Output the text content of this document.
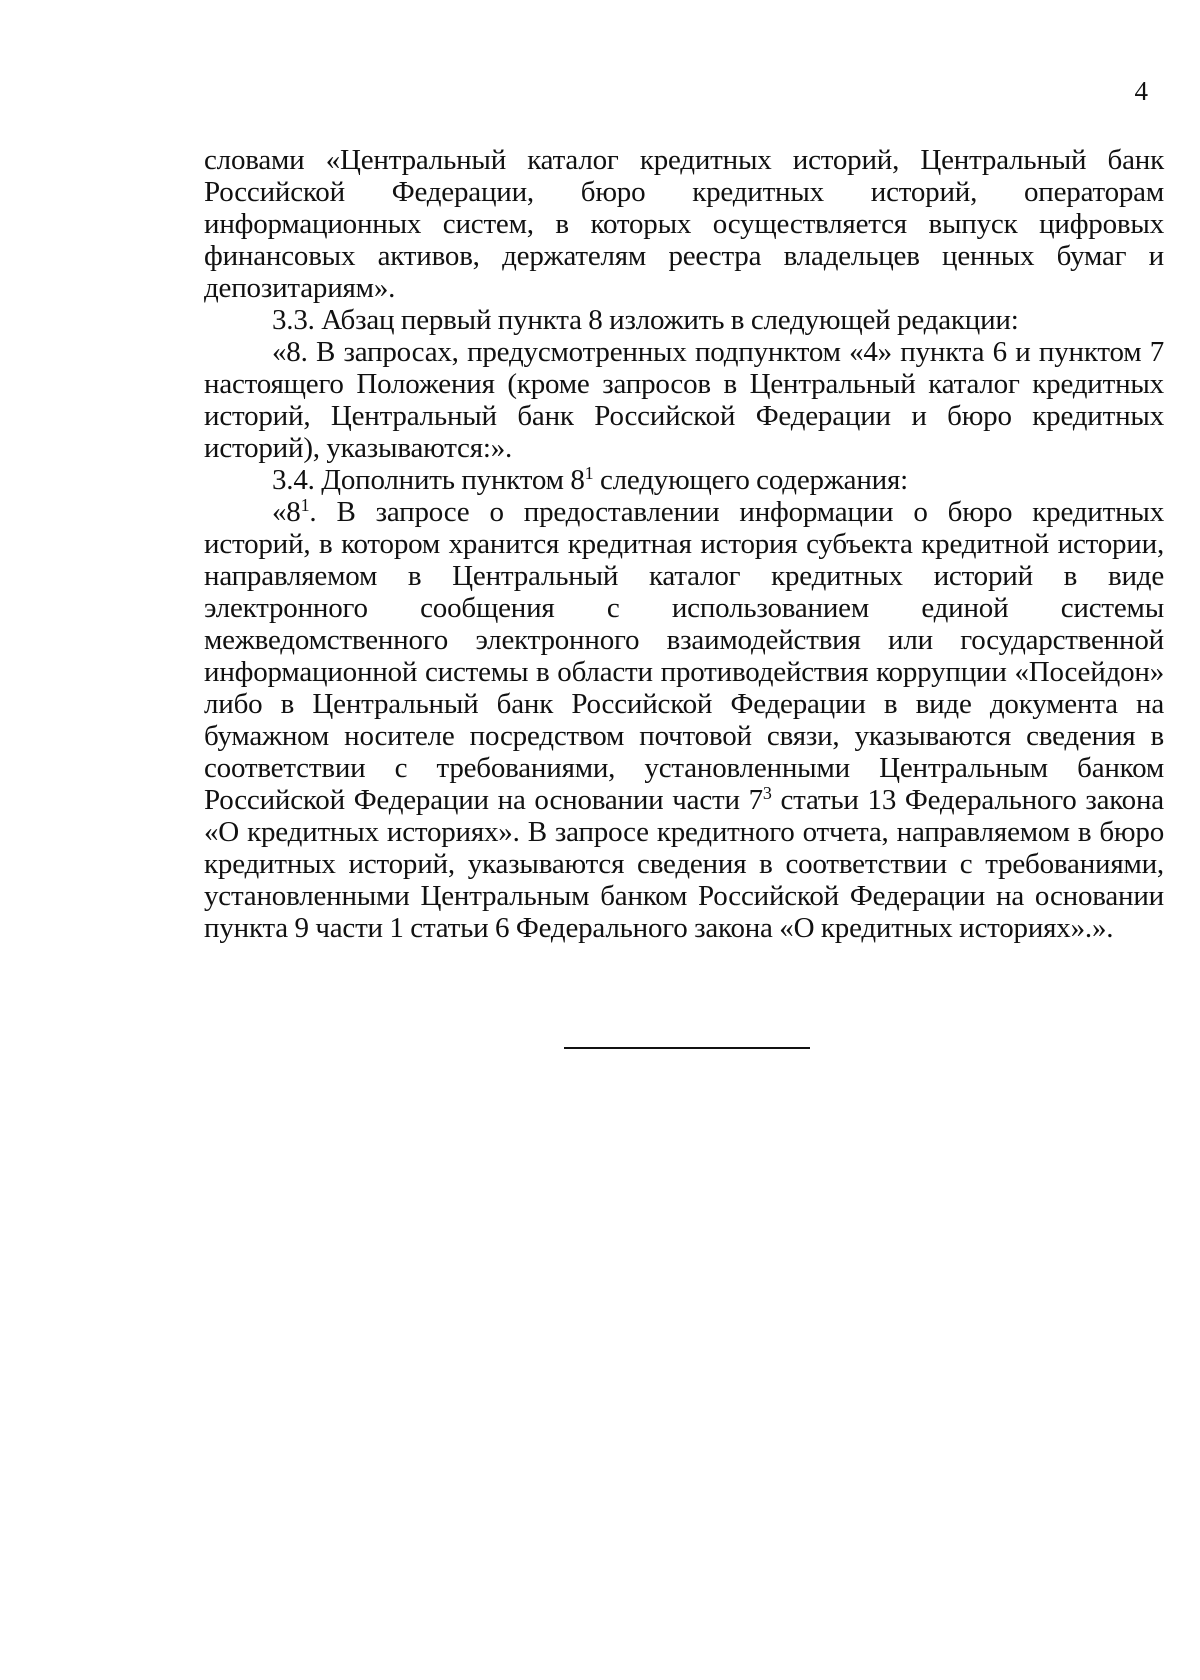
4

словами «Центральный каталог кредитных историй, Центральный банк Российской Федерации, бюро кредитных историй, операторам информационных систем, в которых осуществляется выпуск цифровых финансовых активов, держателям реестра владельцев ценных бумаг и депозитариям».

3.3. Абзац первый пункта 8 изложить в следующей редакции:

«8. В запросах, предусмотренных подпунктом «4» пункта 6 и пунктом 7 настоящего Положения (кроме запросов в Центральный каталог кредитных историй, Центральный банк Российской Федерации и бюро кредитных историй), указываются:».

3.4. Дополнить пунктом $8^1$ следующего содержания:

«$8^1$. В запросе о предоставлении информации о бюро кредитных историй, в котором хранится кредитная история субъекта кредитной истории, направляемом в Центральный каталог кредитных историй в виде электронного сообщения с использованием единой системы межведомственного электронного взаимодействия или государственной информационной системы в области противодействия коррупции «Посейдон» либо в Центральный банк Российской Федерации в виде документа на бумажном носителе посредством почтовой связи, указываются сведения в соответствии с требованиями, установленными Центральным банком Российской Федерации на основании части $7^3$ статьи 13 Федерального закона «О кредитных историях». В запросе кредитного отчета, направляемом в бюро кредитных историй, указываются сведения в соответствии с требованиями, установленными Центральным банком Российской Федерации на основании пункта 9 части 1 статьи 6 Федерального закона «О кредитных историях».».
